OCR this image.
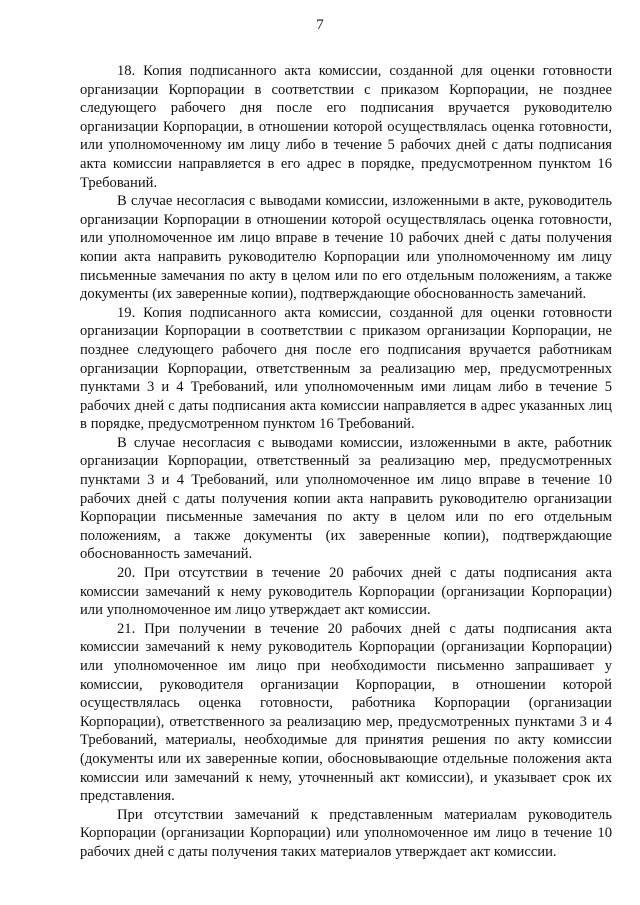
7

18. Копия подписанного акта комиссии, созданной для оценки готовности организации Корпорации в соответствии с приказом Корпорации, не позднее следующего рабочего дня после его подписания вручается руководителю организации Корпорации, в отношении которой осуществлялась оценка готовности, или уполномоченному им лицу либо в течение 5 рабочих дней с даты подписания акта комиссии направляется в его адрес в порядке, предусмотренном пунктом 16 Требований.

В случае несогласия с выводами комиссии, изложенными в акте, руководитель организации Корпорации в отношении которой осуществлялась оценка готовности, или уполномоченное им лицо вправе в течение 10 рабочих дней с даты получения копии акта направить руководителю Корпорации или уполномоченному им лицу письменные замечания по акту в целом или по его отдельным положениям, а также документы (их заверенные копии), подтверждающие обоснованность замечаний.

19. Копия подписанного акта комиссии, созданной для оценки готовности организации Корпорации в соответствии с приказом организации Корпорации, не позднее следующего рабочего дня после его подписания вручается работникам организации Корпорации, ответственным за реализацию мер, предусмотренных пунктами 3 и 4 Требований, или уполномоченным ими лицам либо в течение 5 рабочих дней с даты подписания акта комиссии направляется в адрес указанных лиц в порядке, предусмотренном пунктом 16 Требований.

В случае несогласия с выводами комиссии, изложенными в акте, работник организации Корпорации, ответственный за реализацию мер, предусмотренных пунктами 3 и 4 Требований, или уполномоченное им лицо вправе в течение 10 рабочих дней с даты получения копии акта направить руководителю организации Корпорации письменные замечания по акту в целом или по его отдельным положениям, а также документы (их заверенные копии), подтверждающие обоснованность замечаний.

20. При отсутствии в течение 20 рабочих дней с даты подписания акта комиссии замечаний к нему руководитель Корпорации (организации Корпорации) или уполномоченное им лицо утверждает акт комиссии.

21. При получении в течение 20 рабочих дней с даты подписания акта комиссии замечаний к нему руководитель Корпорации (организации Корпорации) или уполномоченное им лицо при необходимости письменно запрашивает у комиссии, руководителя организации Корпорации, в отношении которой осуществлялась оценка готовности, работника Корпорации (организации Корпорации), ответственного за реализацию мер, предусмотренных пунктами 3 и 4 Требований, материалы, необходимые для принятия решения по акту комиссии (документы или их заверенные копии, обосновывающие отдельные положения акта комиссии или замечаний к нему, уточненный акт комиссии), и указывает срок их представления.

При отсутствии замечаний к представленным материалам руководитель Корпорации (организации Корпорации) или уполномоченное им лицо в течение 10 рабочих дней с даты получения таких материалов утверждает акт комиссии.
